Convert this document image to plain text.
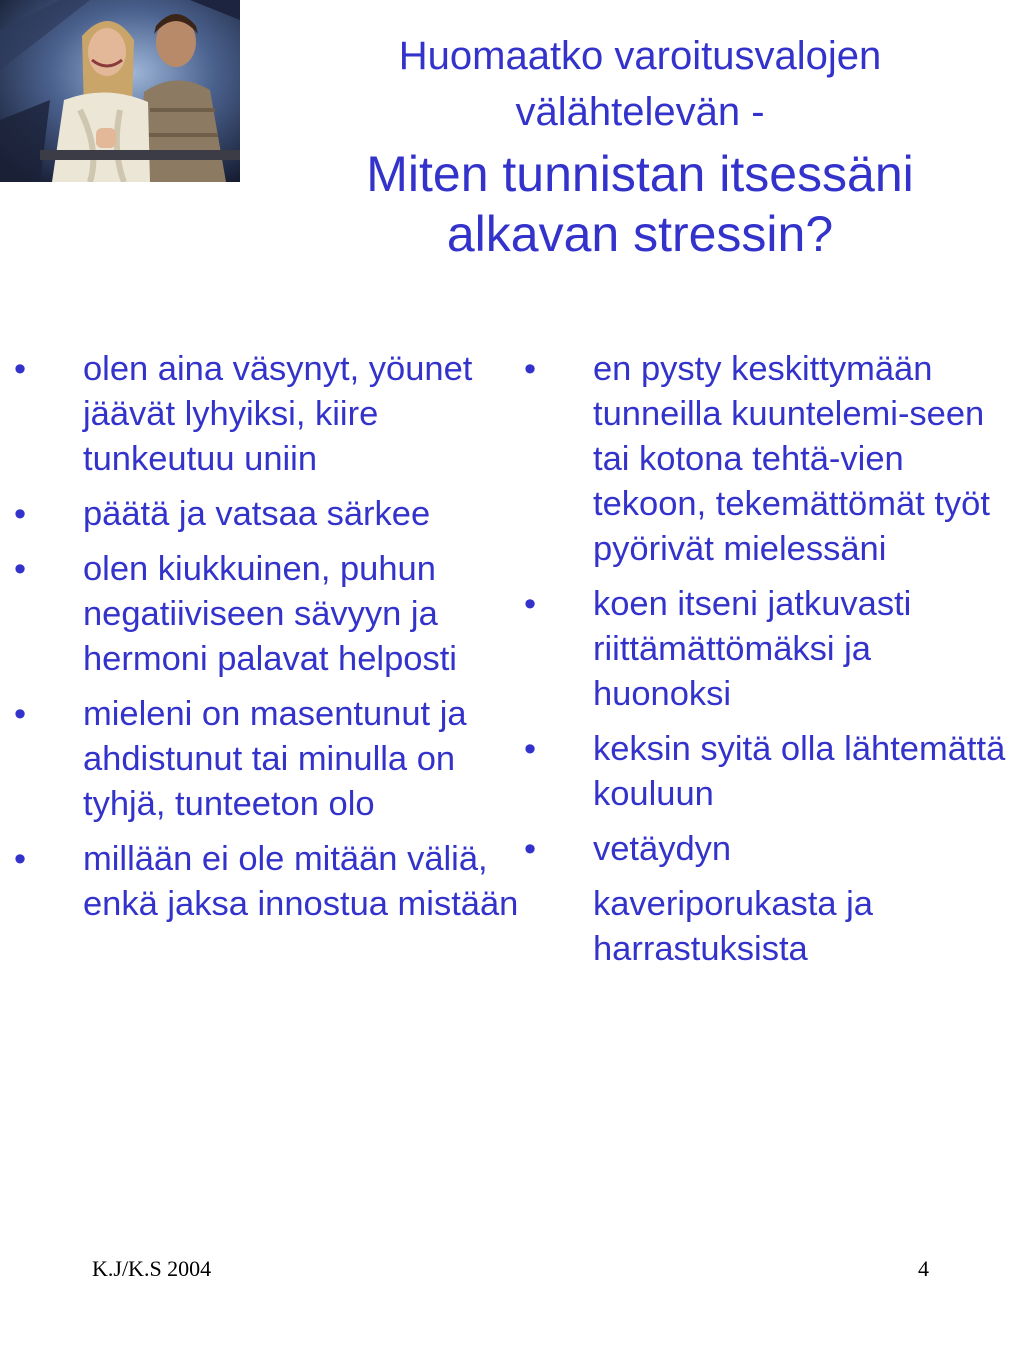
Huomaatko varoitusvalojen

välähtelevän -

Miten tunnistan itsessäni alkavan stressin?

•	olen aina väsynyt, yöunet jäävät lyhyiksi, kiire tunkeutuu uniin
•	päätä ja vatsaa särkee
•	olen kiukkuinen, puhun negatiiviseen sävyyn ja hermoni palavat helposti
•	mieleni on masentunut ja ahdistunut tai minulla on tyhjä, tunteeton olo
•	millään ei ole mitään väliä, enkä jaksa innostua mistään
•	en pysty keskittymään tunneilla kuuntelemi-seen tai kotona tehtä-vien tekoon, tekemättömät työt pyörivät mielessäni
•	koen itseni jatkuvasti riittämättömäksi ja huonoksi
•	keksin syitä olla lähtemättä kouluun
•	vetäydyn
kaveriporukasta ja harrastuksista
K.J/K.S 2004	4
